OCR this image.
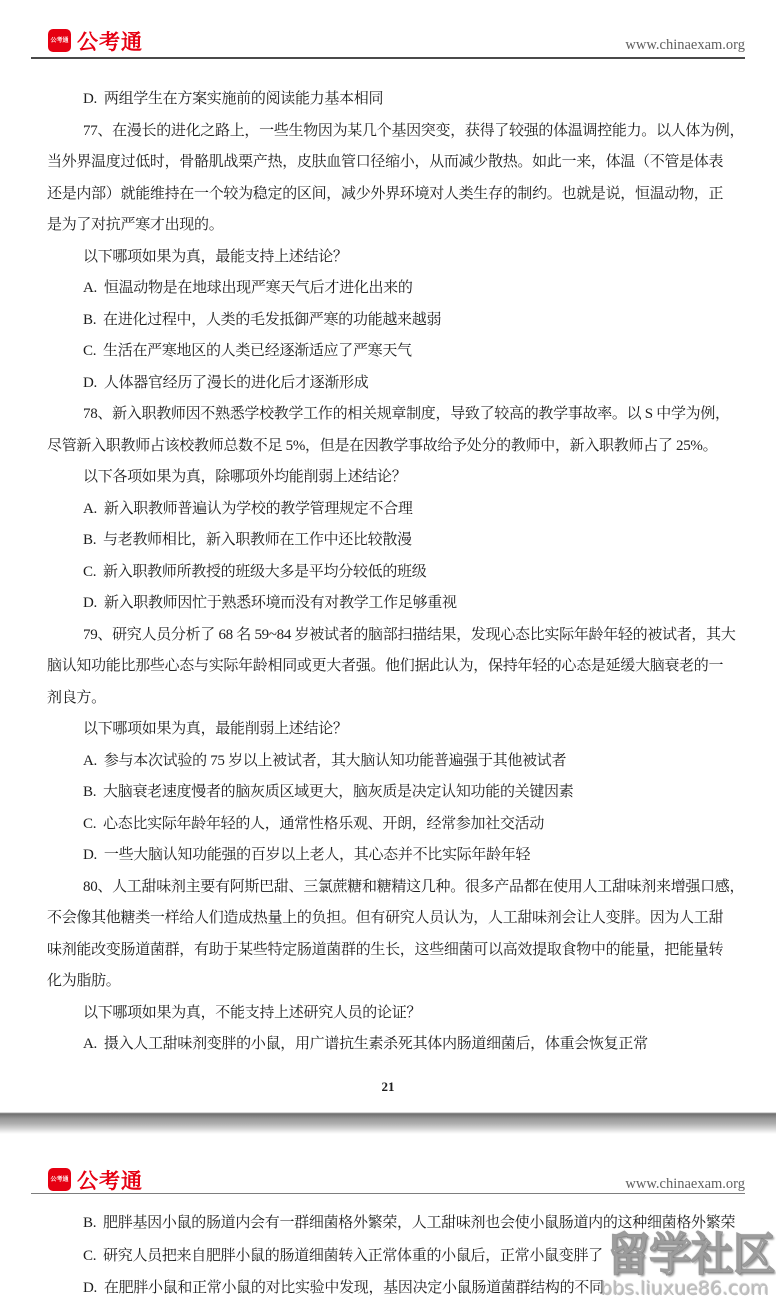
公考通 公考通	www.chinaexam.org
D.  两组学生在方案实施前的阅读能力基本相同
77、在漫长的进化之路上，一些生物因为某几个基因突变，获得了较强的体温调控能力。以人体为例，
当外界温度过低时，骨骼肌战栗产热，皮肤血管口径缩小，从而减少散热。如此一来，体温（不管是体表
还是内部）就能维持在一个较为稳定的区间，减少外界环境对人类生存的制约。也就是说，恒温动物，正
是为了对抗严寒才出现的。
以下哪项如果为真，最能支持上述结论？
A.  恒温动物是在地球出现严寒天气后才进化出来的
B.  在进化过程中，人类的毛发抵御严寒的功能越来越弱
C.  生活在严寒地区的人类已经逐渐适应了严寒天气
D.  人体器官经历了漫长的进化后才逐渐形成
78、新入职教师因不熟悉学校教学工作的相关规章制度，导致了较高的教学事故率。以 S 中学为例，
尽管新入职教师占该校教师总数不足 5%，但是在因教学事故给予处分的教师中，新入职教师占了 25%。
以下各项如果为真，除哪项外均能削弱上述结论？
A.  新入职教师普遍认为学校的教学管理规定不合理
B.  与老教师相比，新入职教师在工作中还比较散漫
C.  新入职教师所教授的班级大多是平均分较低的班级
D.  新入职教师因忙于熟悉环境而没有对教学工作足够重视
79、研究人员分析了 68 名 59~84 岁被试者的脑部扫描结果，发现心态比实际年龄年轻的被试者，其大
脑认知功能比那些心态与实际年龄相同或更大者强。他们据此认为，保持年轻的心态是延缓大脑衰老的一
剂良方。
以下哪项如果为真，最能削弱上述结论？
A.  参与本次试验的 75 岁以上被试者，其大脑认知功能普遍强于其他被试者
B.  大脑衰老速度慢者的脑灰质区域更大，脑灰质是决定认知功能的关键因素
C.  心态比实际年龄年轻的人，通常性格乐观、开朗，经常参加社交活动
D.  一些大脑认知功能强的百岁以上老人，其心态并不比实际年龄年轻
80、人工甜味剂主要有阿斯巴甜、三氯蔗糖和糖精这几种。很多产品都在使用人工甜味剂来增强口感，
不会像其他糖类一样给人们造成热量上的负担。但有研究人员认为，人工甜味剂会让人变胖。因为人工甜
味剂能改变肠道菌群，有助于某些特定肠道菌群的生长，这些细菌可以高效提取食物中的能量，把能量转
化为脂肪。
以下哪项如果为真，不能支持上述研究人员的论证？
A.  摄入人工甜味剂变胖的小鼠，用广谱抗生素杀死其体内肠道细菌后，体重会恢复正常
21
公考通 公考通	www.chinaexam.org
B.  肥胖基因小鼠的肠道内会有一群细菌格外繁荣，人工甜味剂也会使小鼠肠道内的这种细菌格外繁荣
C.  研究人员把来自肥胖小鼠的肠道细菌转入正常体重的小鼠后，正常小鼠变胖了
D.  在肥胖小鼠和正常小鼠的对比实验中发现，基因决定小鼠肠道菌群结构的不同
留学社区
bbs.liuxue86.com
